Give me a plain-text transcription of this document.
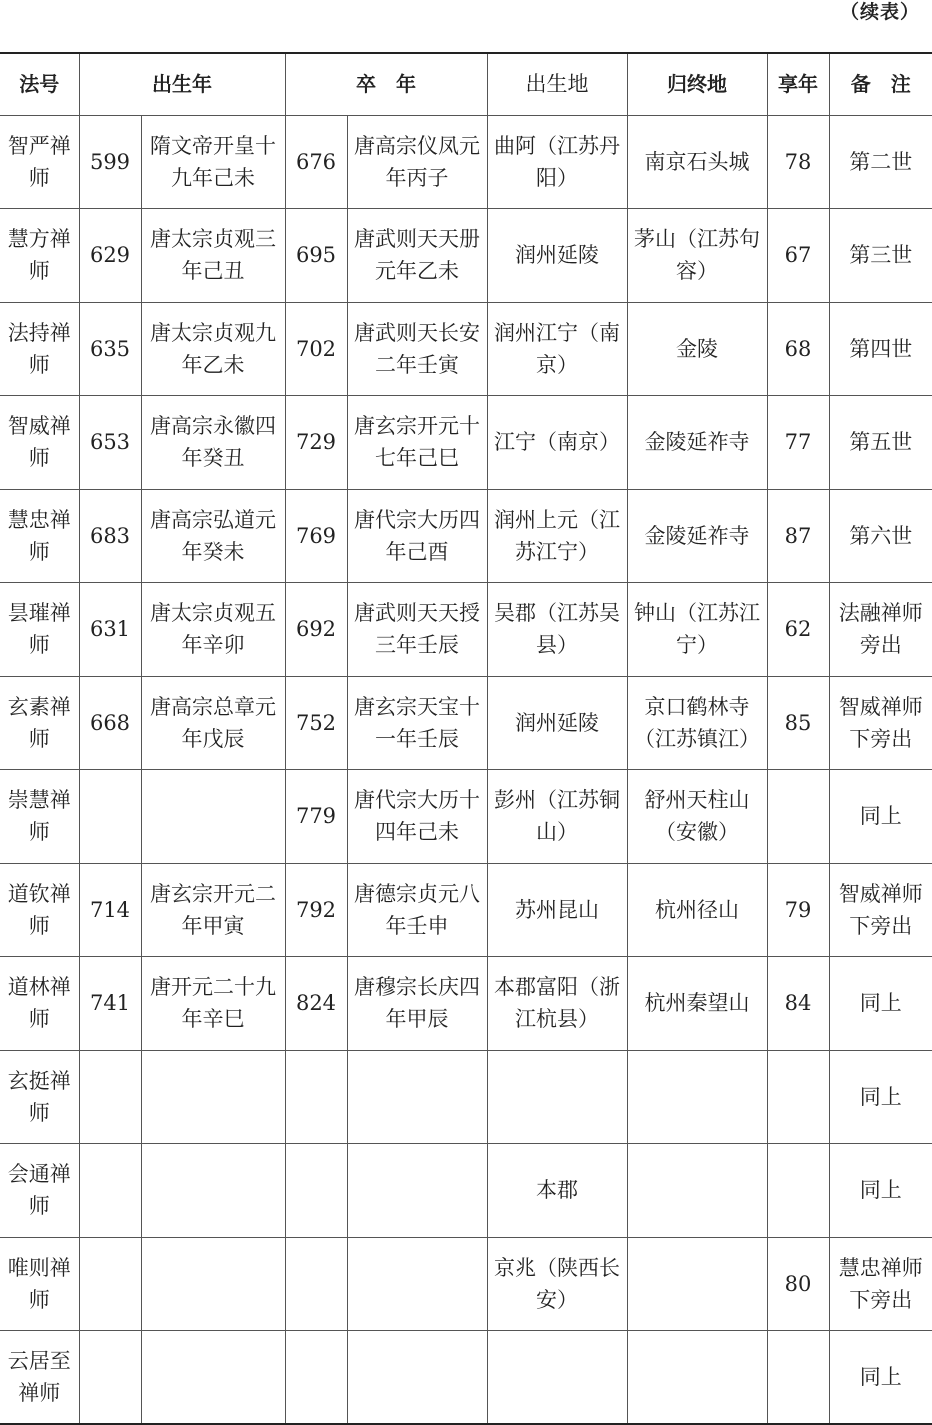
（续表）
法号	出生年		卒　年		出生地	归终地	享年	备　注
智严禅师	599	隋文帝开皇十九年己未	676	唐高宗仪凤元年丙子	曲阿（江苏丹阳）	南京石头城	78	第二世
慧方禅师	629	唐太宗贞观三年己丑	695	唐武则天天册元年乙未	润州延陵	茅山（江苏句容）	67	第三世
法持禅师	635	唐太宗贞观九年乙未	702	唐武则天长安二年壬寅	润州江宁（南京）	金陵	68	第四世
智威禅师	653	唐高宗永徽四年癸丑	729	唐玄宗开元十七年己巳	江宁（南京）	金陵延祚寺	77	第五世
慧忠禅师	683	唐高宗弘道元年癸未	769	唐代宗大历四年己酉	润州上元（江苏江宁）	金陵延祚寺	87	第六世
昙璀禅师	631	唐太宗贞观五年辛卯	692	唐武则天天授三年壬辰	吴郡（江苏吴县）	钟山（江苏江宁）	62	法融禅师旁出
玄素禅师	668	唐高宗总章元年戊辰	752	唐玄宗天宝十一年壬辰	润州延陵	京口鹤林寺（江苏镇江）	85	智威禅师下旁出
崇慧禅师			779	唐代宗大历十四年己未	彭州（江苏铜山）	舒州天柱山（安徽）		同上
道钦禅师	714	唐玄宗开元二年甲寅	792	唐德宗贞元八年壬申	苏州昆山	杭州径山	79	智威禅师下旁出
道林禅师	741	唐开元二十九年辛巳	824	唐穆宗长庆四年甲辰	本郡富阳（浙江杭县）	杭州秦望山	84	同上
玄挺禅师								同上
会通禅师					本郡			同上
唯则禅师					京兆（陕西长安）		80	慧忠禅师下旁出
云居至禅师								同上
